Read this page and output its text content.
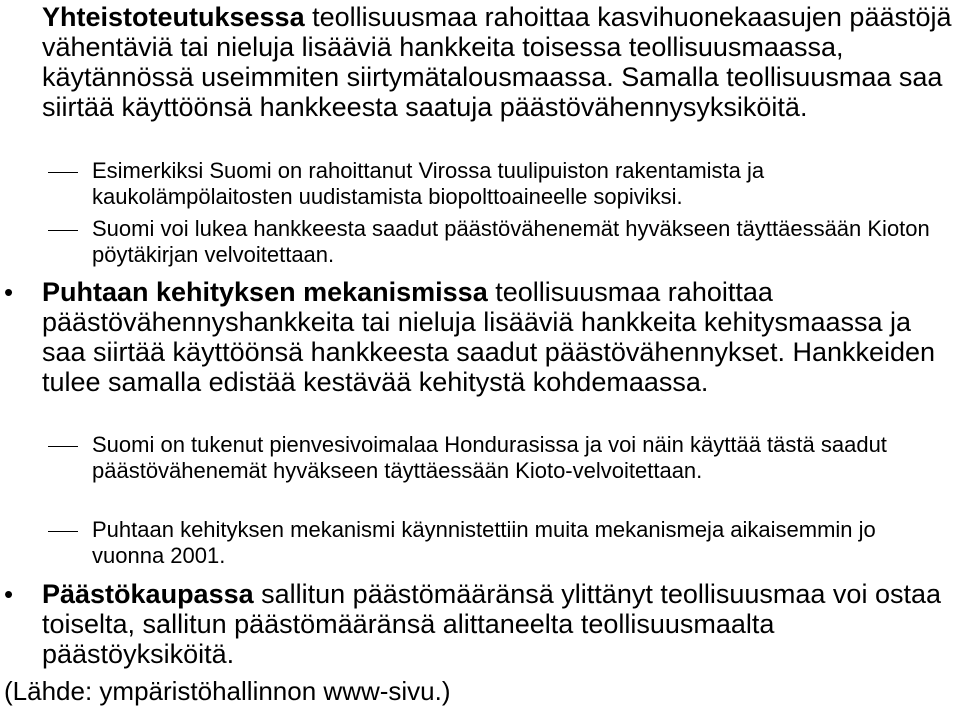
Yhteistoteutuksessa teollisuusmaa rahoittaa kasvihuonekaasujen päästöjä vähentäviä tai nieluja lisääviä hankkeita toisessa teollisuusmaassa, käytännössä useimmiten siirtymätalousmaassa. Samalla teollisuusmaa saa siirtää käyttöönsä hankkeesta saatuja päästövähennysyksiköitä.
Esimerkiksi Suomi on rahoittanut Virossa tuulipuiston rakentamista ja kaukolämpölaitosten uudistamista biopolttoaineelle sopiviksi.
Suomi voi lukea hankkeesta saadut päästövähenemät hyväkseen täyttäessään Kioton pöytäkirjan velvoitettaan.
• Puhtaan kehityksen mekanismissa teollisuusmaa rahoittaa päästövähennyshankkeita tai nieluja lisääviä hankkeita kehitysmaassa ja saa siirtää käyttöönsä hankkeesta saadut päästövähennykset. Hankkeiden tulee samalla edistää kestävää kehitystä kohdemaassa.
Suomi on tukenut pienvesivoimalaa Hondurasissa ja voi näin käyttää tästä saadut päästövähenemät hyväkseen täyttäessään Kioto-velvoitettaan.
Puhtaan kehityksen mekanismi käynnistettiin muita mekanismeja aikaisemmin jo vuonna 2001.
• Päästökaupassa sallitun päästömääränsä ylittänyt teollisuusmaa voi ostaa toiselta, sallitun päästömääränsä alittaneelta teollisuusmaalta päästöyksiköitä.
(Lähde: ympäristöhallinnon www-sivu.)
